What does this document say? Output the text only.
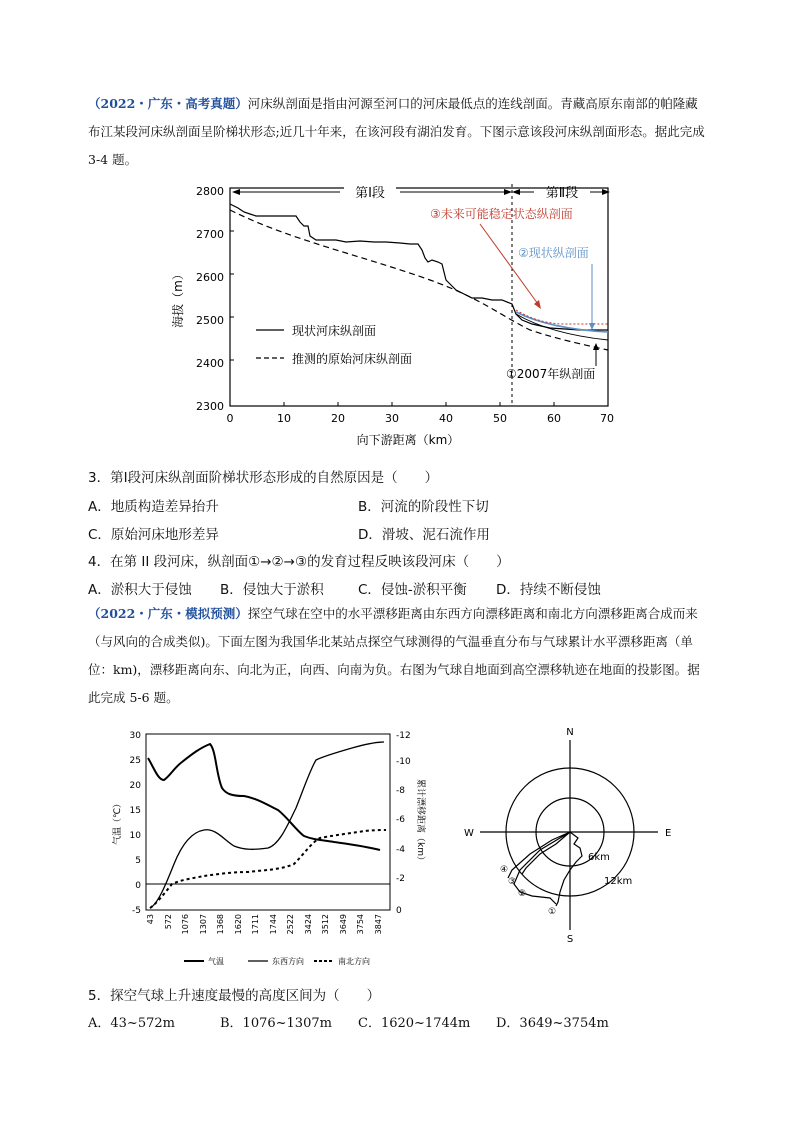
（2022・广东・高考真题）河床纵剖面是指由河源至河口的河床最低点的连线剖面。青藏高原东南部的帕隆藏布江某段河床纵剖面呈阶梯状形态;近几十年来，在该河段有湖泊发育。下图示意该段河床纵剖面形态。据此完成 3-4 题。
2800
2700
2600
2500
2400
2300
0	10	20	30	40	50	60	70
向下游距离（km）
海拔（m）
第Ⅰ段	第Ⅱ段
③未来可能稳定状态纵剖面
②现状纵剖面
①2007年纵剖面
现状河床纵剖面
推测的原始河床纵剖面
3．第Ⅰ段河床纵剖面阶梯状形态形成的自然原因是（　　）
A．地质构造差异抬升	B．河流的阶段性下切
C．原始河床地形差异	D．滑坡、泥石流作用
4．在第 II 段河床，纵剖面①→②→③的发育过程反映该段河床（　　）
A．淤积大于侵蚀 B．侵蚀大于淤积	C．侵蚀-淤积平衡 D．持续不断侵蚀
（2022・广东・模拟预测）探空气球在空中的水平漂移距离由东西方向漂移距离和南北方向漂移距离合成而来（与风向的合成类似)。下面左图为我国华北某站点探空气球测得的气温垂直分布与气球累计水平漂移距离（单位：km)，漂移距离向东、向北为正，向西、向南为负。右图为气球自地面到高空漂移轨迹在地面的投影图。据此完成 5-6 题。
30
25
20
15
10
5
0
-5
-12
-10
-8
-6
-4
-2
0
气温（℃）	累计漂移距离（km）
43 572 1076 1307 1368 1620 1711 1744 2522 3424 3512 3649 3754 3847
气温	东西方向	南北方向
N
S
E
W
6km
12km
①
②
③
④
5．探空气球上升速度最慢的高度区间为（　　）
A．43~572m	B．1076~1307m C．1620~1744m D．3649~3754m
